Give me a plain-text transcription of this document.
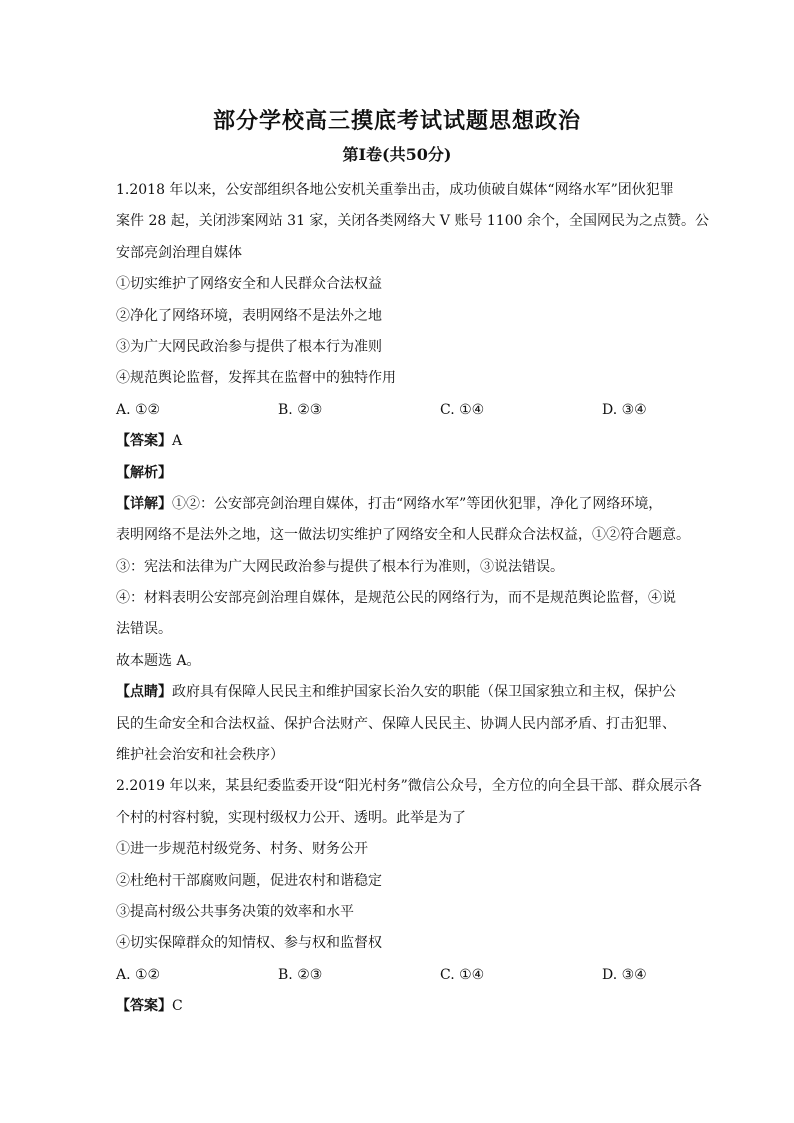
部分学校高三摸底考试试题思想政治
第Ⅰ卷(共50分)
1.2018 年以来，公安部组织各地公安机关重拳出击，成功侦破自媒体“网络水军”团伙犯罪
案件 28 起，关闭涉案网站 31 家，关闭各类网络大 V 账号 1100 余个，全国网民为之点赞。公
安部亮剑治理自媒体
①切实维护了网络安全和人民群众合法权益
②净化了网络环境，表明网络不是法外之地
③为广大网民政治参与提供了根本行为准则
④规范舆论监督，发挥其在监督中的独特作用
A. ①②	B. ②③	C. ①④	D. ③④
【答案】A
【解析】
【详解】①②：公安部亮剑治理自媒体，打击“网络水军”等团伙犯罪，净化了网络环境，
表明网络不是法外之地，这一做法切实维护了网络安全和人民群众合法权益，①②符合题意。
③：宪法和法律为广大网民政治参与提供了根本行为准则，③说法错误。
④：材料表明公安部亮剑治理自媒体，是规范公民的网络行为，而不是规范舆论监督，④说
法错误。
故本题选 A。
【点睛】政府具有保障人民民主和维护国家长治久安的职能（保卫国家独立和主权，保护公
民的生命安全和合法权益、保护合法财产、保障人民民主、协调人民内部矛盾、打击犯罪、
维护社会治安和社会秩序）
2.2019 年以来，某县纪委监委开设“阳光村务”微信公众号，全方位的向全县干部、群众展示各
个村的村容村貌，实现村级权力公开、透明。此举是为了
①进一步规范村级党务、村务、财务公开
②杜绝村干部腐败问题，促进农村和谐稳定
③提高村级公共事务决策的效率和水平
④切实保障群众的知情权、参与权和监督权
A. ①②	B. ②③	C. ①④	D. ③④
【答案】C
